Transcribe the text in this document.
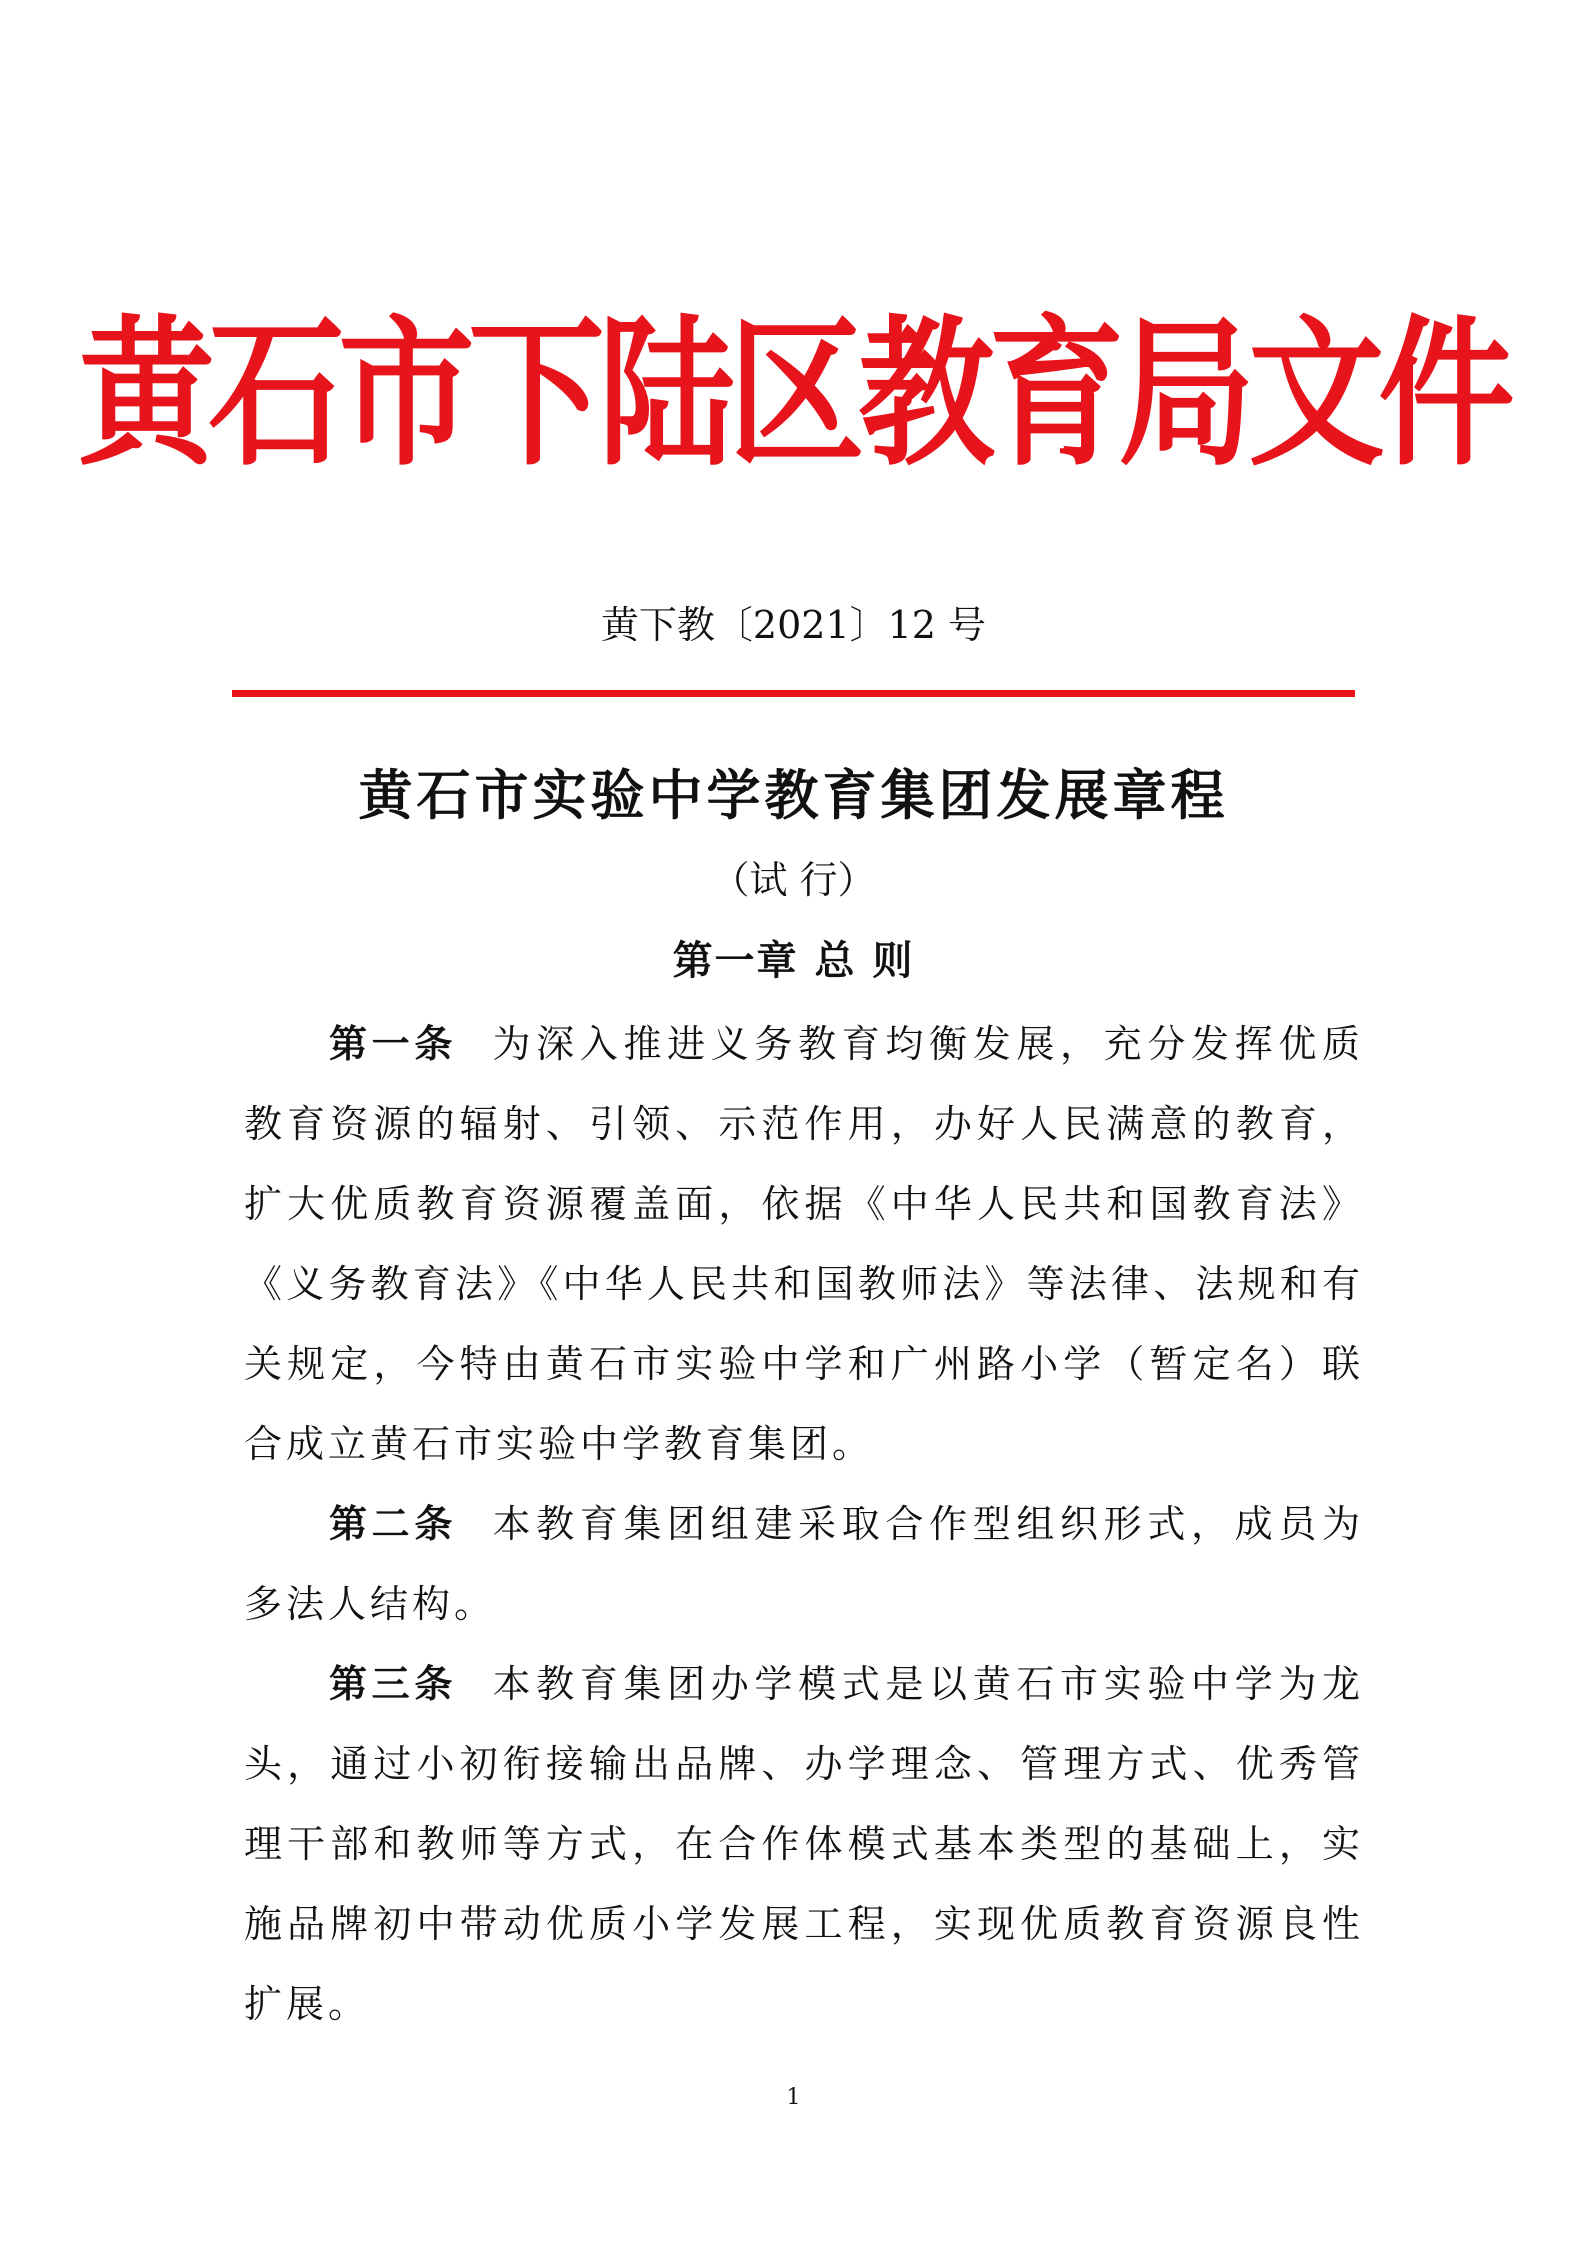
黄石市下陆区教育局文件
黄下教〔2021〕12 号
黄石市实验中学教育集团发展章程
（试 行）
第一章 总 则

第一条 为深入推进义务教育均衡发展，充分发挥优质教育资源的辐射、引领、示范作用，办好人民满意的教育，扩大优质教育资源覆盖面，依据《中华人民共和国教育法》《义务教育法》《中华人民共和国教师法》等法律、法规和有关规定，今特由黄石市实验中学和广州路小学（暂定名）联合成立黄石市实验中学教育集团。

第二条 本教育集团组建采取合作型组织形式，成员为多法人结构。

第三条 本教育集团办学模式是以黄石市实验中学为龙头，通过小初衔接输出品牌、办学理念、管理方式、优秀管理干部和教师等方式，在合作体模式基本类型的基础上，实施品牌初中带动优质小学发展工程，实现优质教育资源良性扩展。

1
